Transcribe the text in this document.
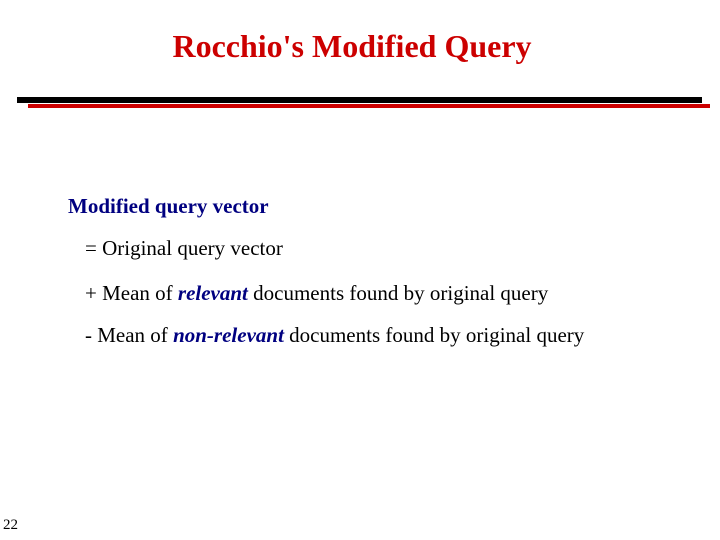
Rocchio's Modified Query
Modified query vector
= Original query vector
+ Mean of relevant documents found by original query
- Mean of non-relevant documents found by original query
22
